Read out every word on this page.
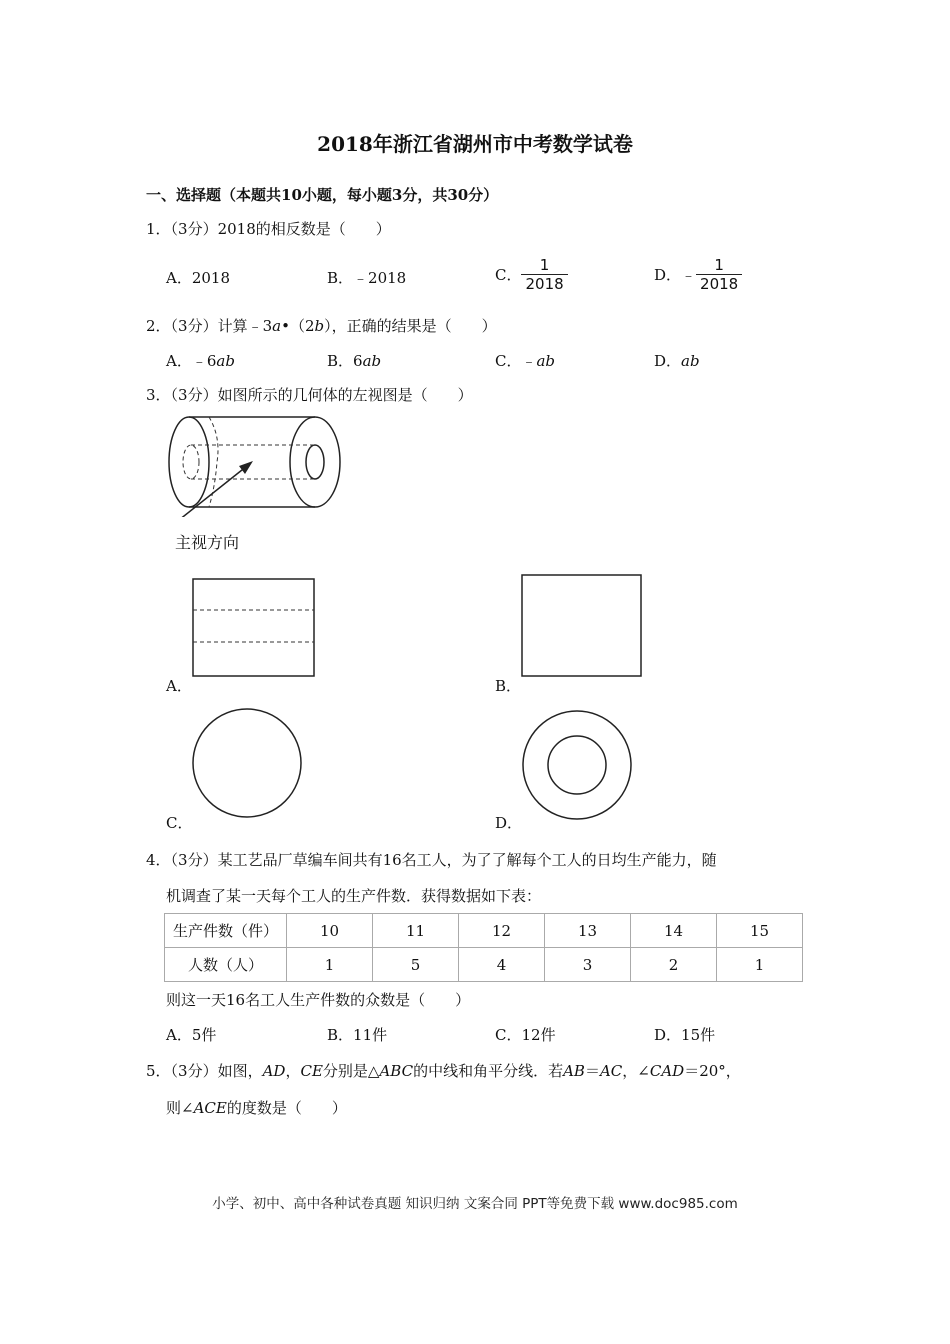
2018年浙江省湖州市中考数学试卷
一、选择题（本题共10小题，每小题3分，共30分）
1．（3分）2018的相反数是（　　）
A．2018	B．﹣2018	C． $\frac{1}{2018}$	D．﹣ $\frac{1}{2018}$
2．（3分）计算﹣3a•（2b），正确的结果是（　　）
A．﹣6ab	B．6ab	C．﹣ab	D．ab
3．（3分）如图所示的几何体的左视图是（　　）
主视方向
A．	B．
C．	D．
4．（3分）某工艺品厂草编车间共有16名工人，为了了解每个工人的日均生产能力，随
机调查了某一天每个工人的生产件数．获得数据如下表：
生产件数（件）	10	11	12	13	14	15
人数（人）	1	5	4	3	2	1
则这一天16名工人生产件数的众数是（　　）
A．5件	B．11件	C．12件	D．15件
5．（3分）如图，AD，CE分别是△ABC的中线和角平分线．若AB＝AC，∠CAD＝20°，
则∠ACE的度数是（　　）
小学、初中、高中各种试卷真题 知识归纳 文案合同 PPT等免费下载 www.doc985.com
